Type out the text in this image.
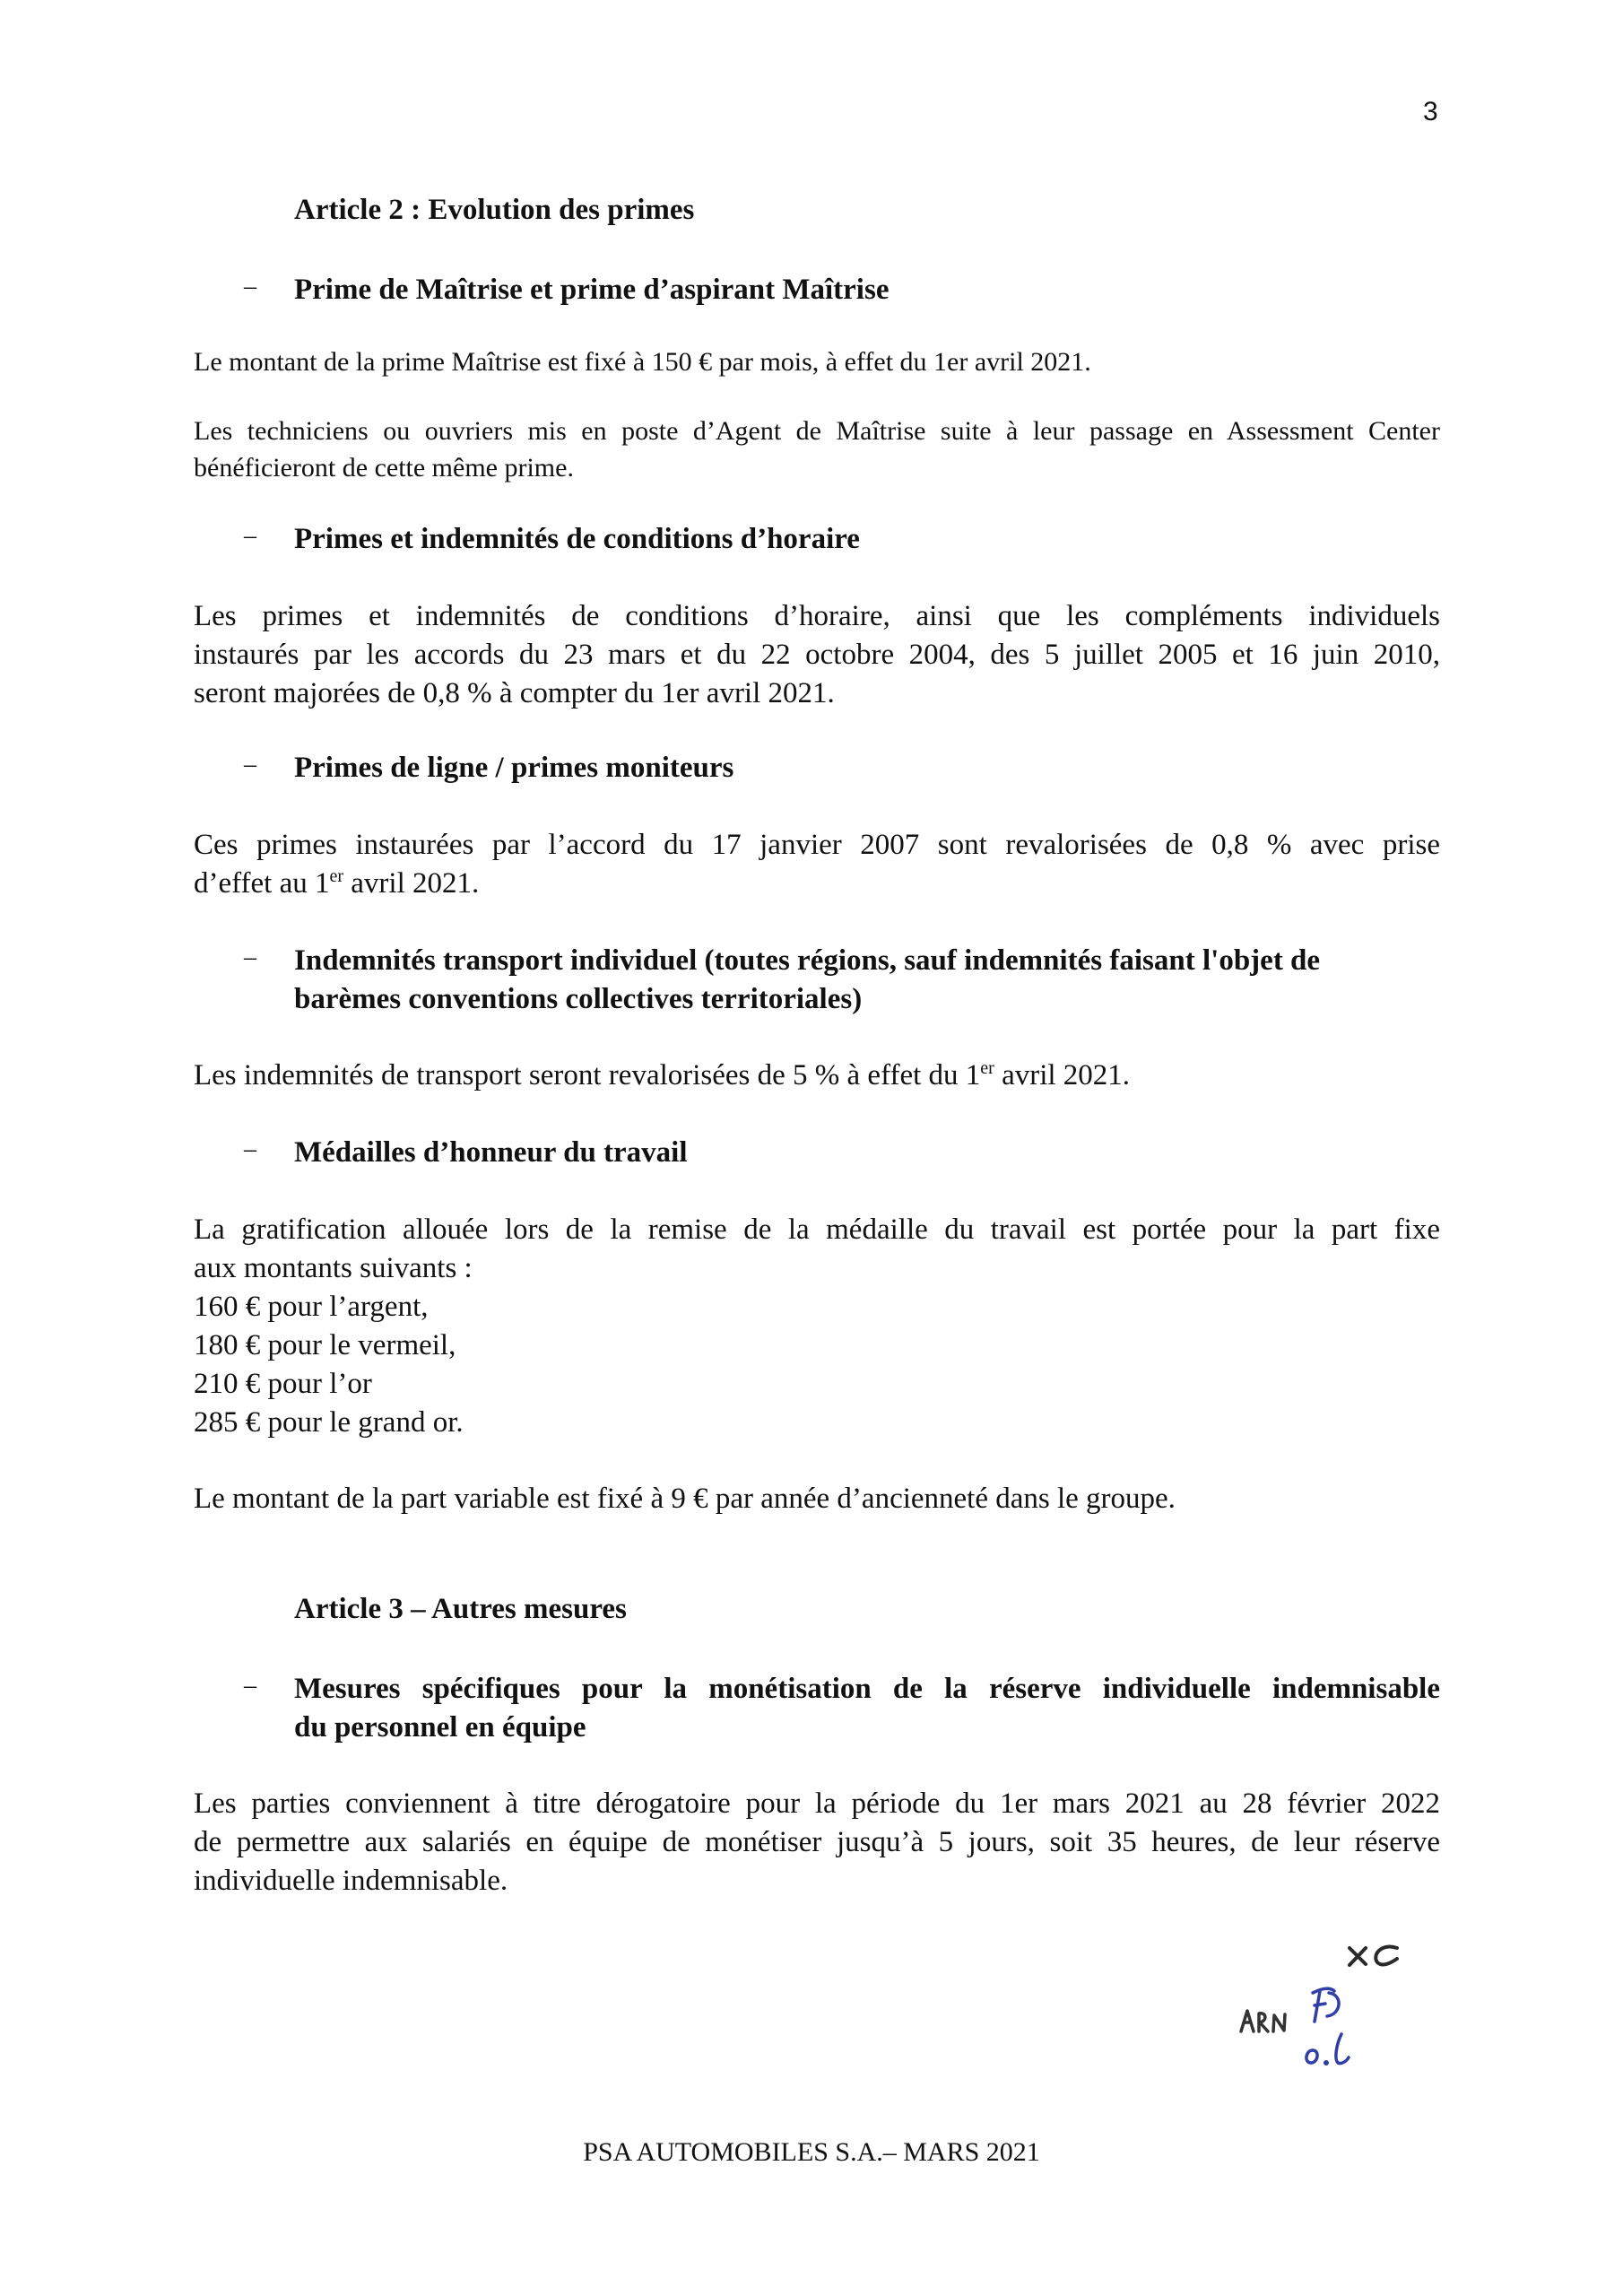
3
Article 2 : Evolution des primes
– Prime de Maîtrise et prime d’aspirant Maîtrise
Le montant de la prime Maîtrise est fixé à 150 € par mois, à effet du 1er avril 2021.
Les techniciens ou ouvriers mis en poste d’Agent de Maîtrise suite à leur passage en Assessment Center bénéficieront de cette même prime.
– Primes et indemnités de conditions d’horaire
Les primes et indemnités de conditions d’horaire, ainsi que les compléments individuels
instaurés par les accords du 23 mars et du 22 octobre 2004, des 5 juillet 2005 et 16 juin 2010,
seront majorées de 0,8 % à compter du 1er avril 2021.
– Primes de ligne / primes moniteurs
Ces primes instaurées par l’accord du 17 janvier 2007 sont revalorisées de 0,8 % avec prise
d’effet au 1er avril 2021.
– Indemnités transport individuel (toutes régions, sauf indemnités faisant l'objet de
barèmes conventions collectives territoriales)
Les indemnités de transport seront revalorisées de 5 % à effet du 1er avril 2021.
– Médailles d’honneur du travail
La gratification allouée lors de la remise de la médaille du travail est portée pour la part fixe
aux montants suivants :
160 € pour l’argent,
180 € pour le vermeil,
210 € pour l’or
285 € pour le grand or.
Le montant de la part variable est fixé à 9 € par année d’ancienneté dans le groupe.
Article 3 – Autres mesures
– Mesures spécifiques pour la monétisation de la réserve individuelle indemnisable
du personnel en équipe
Les parties conviennent à titre dérogatoire pour la période du 1er mars 2021 au 28 février 2022
de permettre aux salariés en équipe de monétiser jusqu’à 5 jours, soit 35 heures, de leur réserve
individuelle indemnisable.
PSA AUTOMOBILES S.A.– MARS 2021
